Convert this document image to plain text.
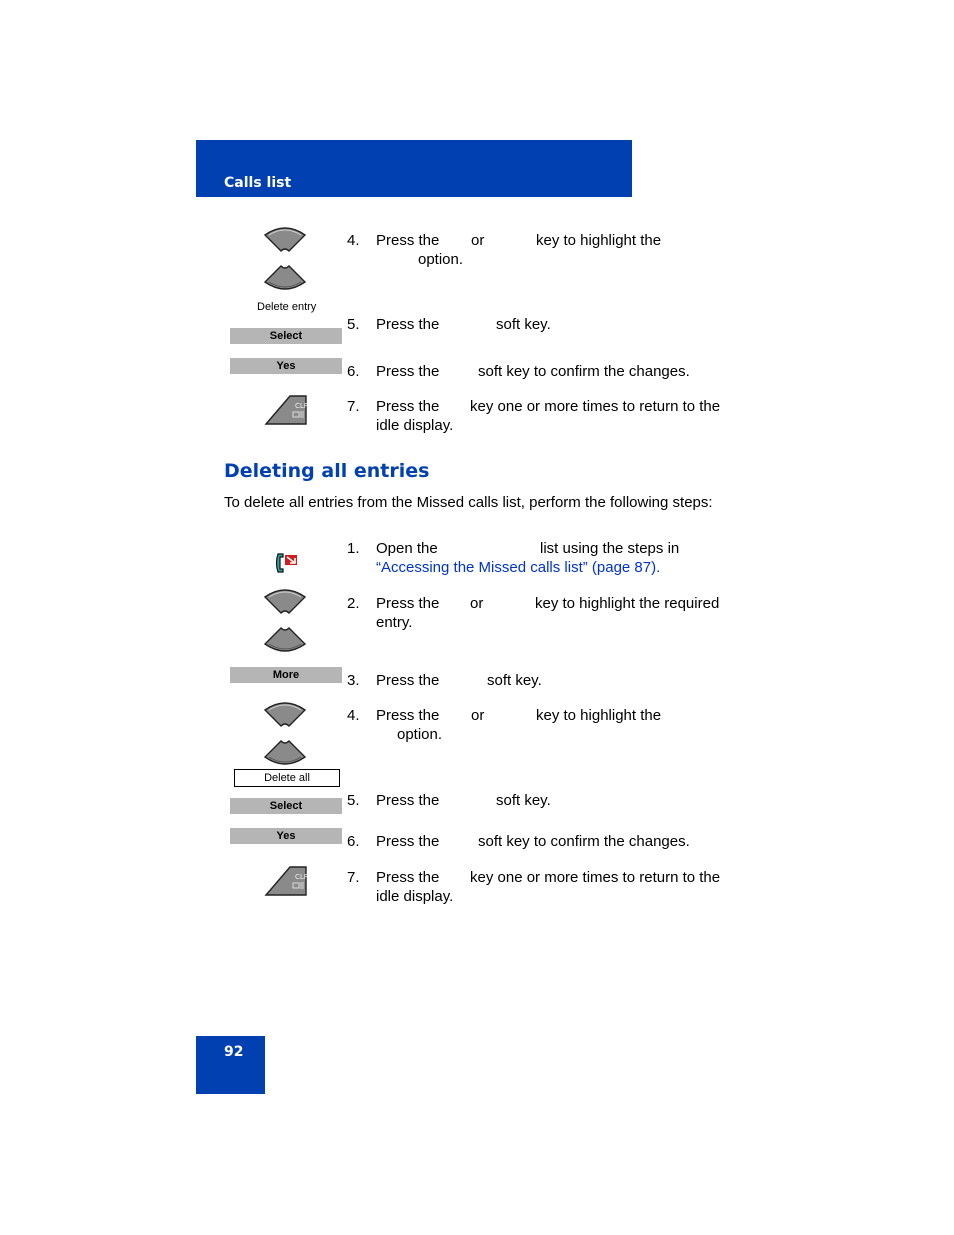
Calls list
Delete entry
Select
Yes
4. Press the or	key to highlight the
option.
5. Press the	soft key.
6. Press the	soft key to confirm the changes.
7. Press the key one or more times to return to the
idle display.
Deleting all entries
To delete all entries from the Missed calls list, perform the following steps:
More
Delete all
Select
Yes
1. Open the	list using the steps in
“Accessing the Missed calls list” (page 87).
2. Press the or	key to highlight the required
entry.
3. Press the	soft key.
4. Press the or	key to highlight the
option.
5. Press the	soft key.
6. Press the	soft key to confirm the changes.
7. Press the key one or more times to return to the
idle display.
92
